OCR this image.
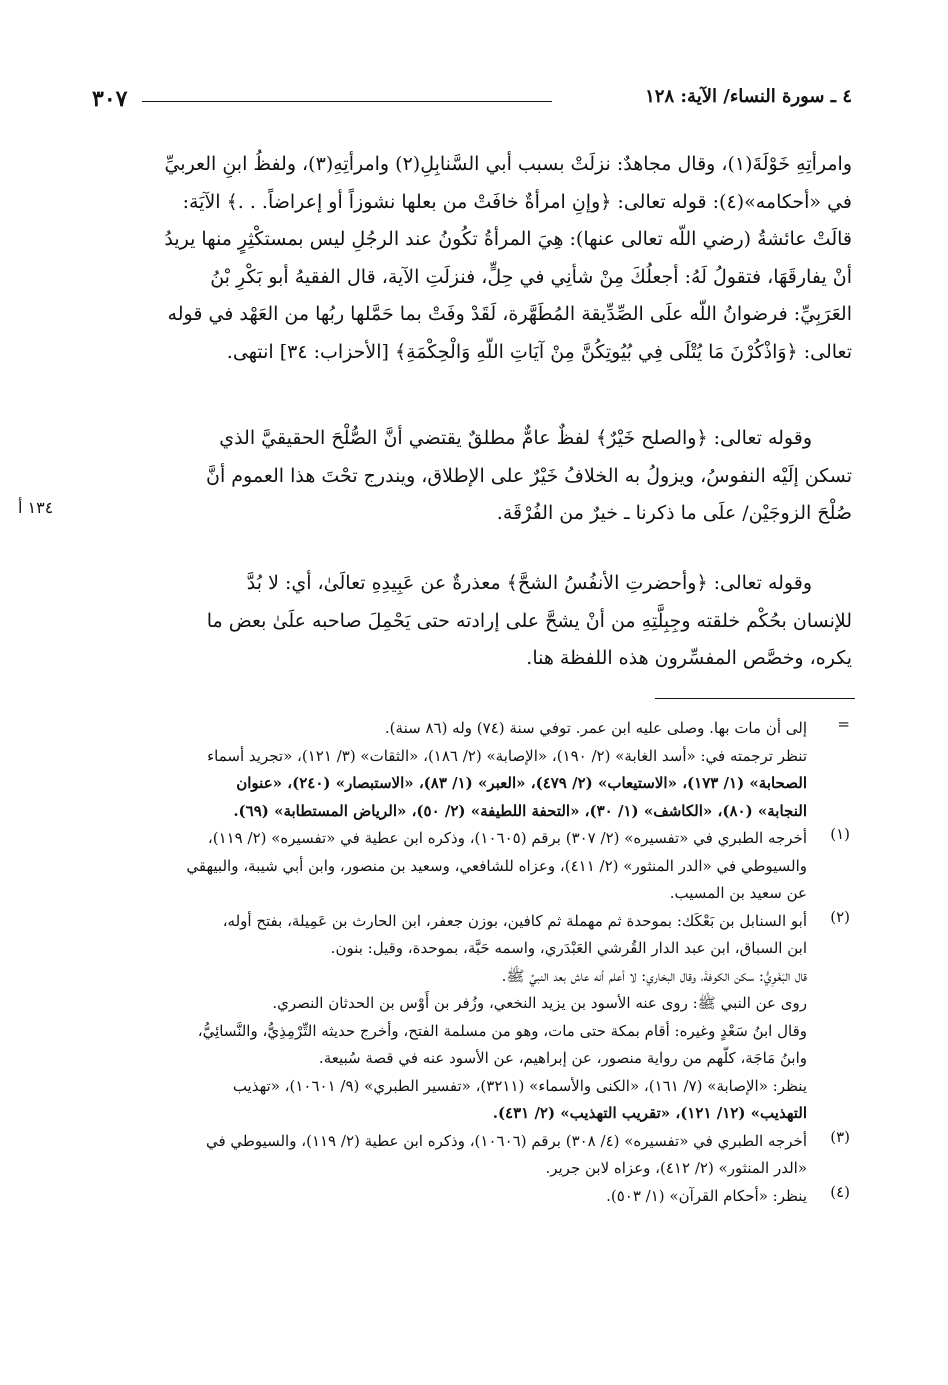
٣٠٧	٤ ـ سورة النساء/ الآية: ١٢٨

وامرأتِهِ خَوْلَةَ(١)، وقال مجاهدٌ: نزلَتْ بسبب أبي السَّنابِلِ(٢) وامرأتِهِ(٣)، ولفظُ ابنِ العربيِّ

في «أحكامه»(٤): قوله تعالى: ﴿وإنِ امرأةٌ خافَتْ من بعلها نشوزاً أو إعراضاً. . .﴾ الآيَة:

قالَتْ عائشةُ (رضي اللّه تعالى عنها): هِيَ المرأةُ تكُونُ عند الرجُلِ ليس بمستكْثِرٍ منها يريدُ

أنْ يفارقَهَا، فتقولُ لَهُ: أجعلُكَ مِنْ شأنِي في حِلٍّ، فنزلَتِ الآية، قال الفقيهُ أبو بَكْرِ بْنُ

العَرَبِيِّ: فرضوانُ اللّه علَى الصِّدِّيقة المُطَهَّرة، لَقَدْ وفَتْ بما حَمَّلها ربُها من العَهْد في قوله

تعالى: ﴿وَاذْكُرْنَ مَا يُتْلَى فِي بُيُوتِكُنَّ مِنْ آيَاتِ اللّهِ وَالْحِكْمَةِ﴾ [الأحزاب: ٣٤] انتهى.

وقوله تعالى: ﴿والصلح خَيْرٌ﴾ لفظٌ عامٌّ مطلقٌ يقتضي أنَّ الصُّلْحَ الحقيقيَّ الذي

تسكن إلَيْه النفوسُ، ويزولُ به الخلافُ خَيْرٌ على الإطلاق، ويندرج تحْتَ هذا العموم أنَّ

صُلْحَ الزوجَيْن/ علَى ما ذكرنا ـ خيرٌ من الفُرْقَة.

١٣٤ أ

وقوله تعالى: ﴿وأحضرتِ الأنفُسُ الشحَّ﴾ معذرةٌ عن عَبِيدِهِ تعالَىٰ، أي: لا بُدَّ

للإنسان بحُكْم خلقته وجِبِلَّتِهِ من أنْ يشحَّ على إرادته حتى يَحْمِلَ صاحبه علَىٰ بعض ما

يكره، وخصَّص المفسِّرون هذه اللفظة هنا.

=
إلى أن مات بها. وصلى عليه ابن عمر. توفي سنة (٧٤) وله (٨٦ سنة).
تنظر ترجمته في: «أسد الغابة» (٢/ ١٩٠)، «الإصابة» (٢/ ١٨٦)، «الثقات» (٣/ ١٢١)، «تجريد أسماء
الصحابة» (١/ ١٧٣)، «الاستيعاب» (٢/ ٤٧٩)، «العبر» (١/ ٨٣)، «الاستبصار» (٢٤٠)، «عنوان
النجابة» (٨٠)، «الكاشف» (١/ ٣٠)، «التحفة اللطيفة» (٢/ ٥٠)، «الرياض المستطابة» (٦٩).
(١)
أخرجه الطبري في «تفسيره» (٢/ ٣٠٧) برقم (١٠٦٠٥)، وذكره ابن عطية في «تفسيره» (٢/ ١١٩)،
والسيوطي في «الدر المنثور» (٢/ ٤١١)، وعزاه للشافعي، وسعيد بن منصور، وابن أبي شيبة، والبيهقي
عن سعيد بن المسيب.
(٢)
أبو السنابل بن بَعْكَك: بموحدة ثم مهملة ثم كافين، بوزن جعفر، ابن الحارث بن عَمِيلة، بفتح أوله،
ابن السباق، ابن عبد الدار القُرشي العَبْدَري، واسمه حَبَّة، بموحدة، وقيل: بنون.
قال البَغَوِيُّ: سكن الكوفةَ، وقال البخاري: لا أعلم أنه عاش بعد النبيِّ ﷺ.
روى عن النبي ﷺ: روى عنه الأسود بن يزيد النخعي، وزُفر بن أَوْس بن الحدثان النصري.
وقال ابنُ سَعْدٍ وغيره: أقام بمكة حتى مات، وهو من مسلمة الفتح، وأخرج حديثه التِّرْمِذِيُّ، والنَّسائِيُّ،
وابنُ مَاجَة، كلّهم من رواية منصور، عن إبراهيم، عن الأسود عنه في قصة سُبيعة.
ينظر: «الإصابة» (٧/ ١٦١)، «الكنى والأسماء» (٣٢١١)، «تفسير الطبري» (٩/ ١٠٦٠١)، «تهذيب
التهذيب» (١٢/ ١٢١)، «تقريب التهذيب» (٢/ ٤٣١).
(٣)
أخرجه الطبري في «تفسيره» (٤/ ٣٠٨) برقم (١٠٦٠٦)، وذكره ابن عطية (٢/ ١١٩)، والسيوطي في
«الدر المنثور» (٢/ ٤١٢)، وعزاه لابن جرير.
(٤)
ينظر: «أحكام القرآن» (١/ ٥٠٣).
